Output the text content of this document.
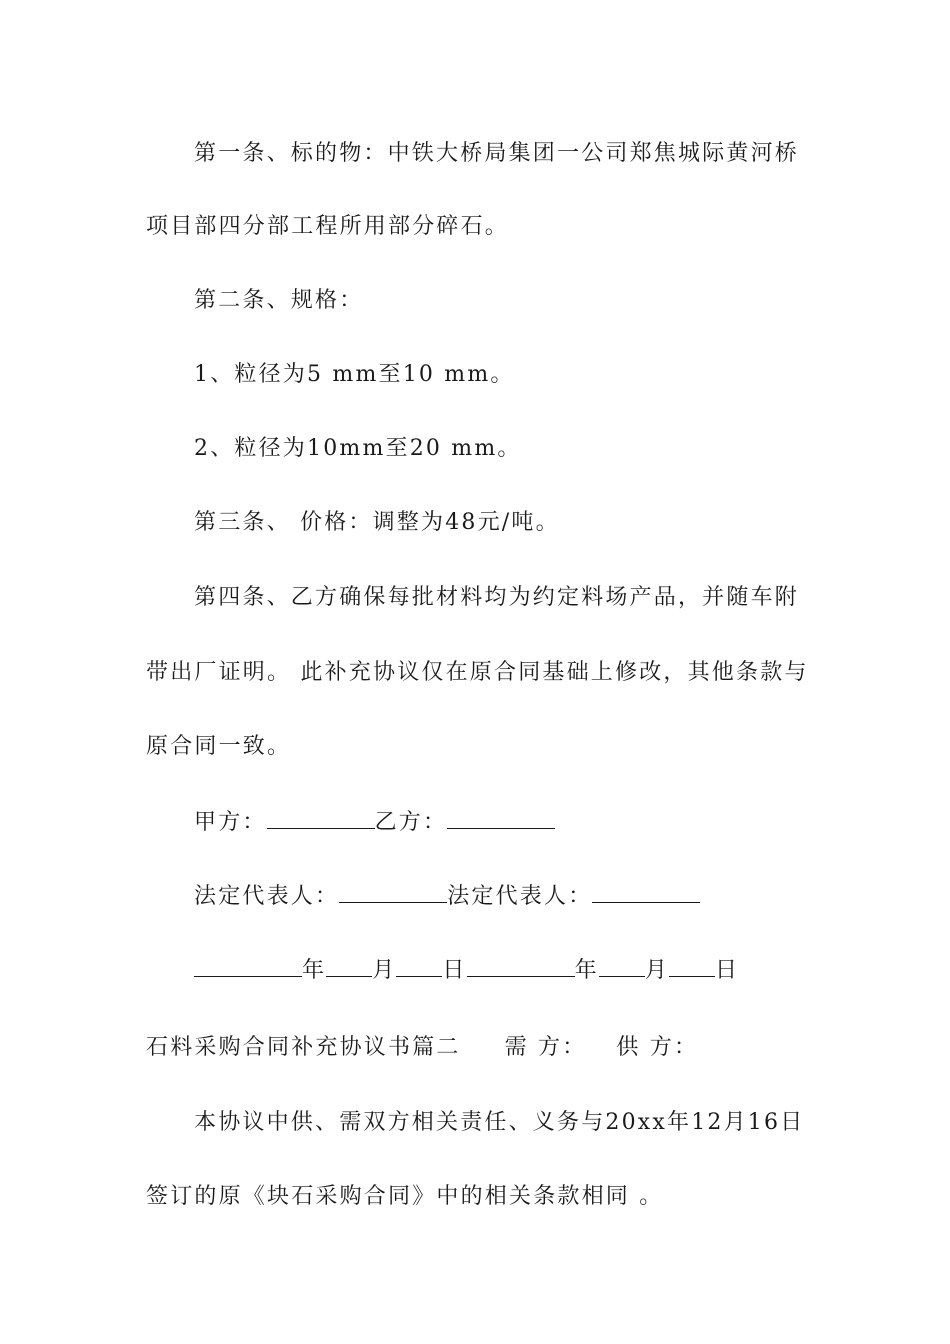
第一条、标的物：中铁大桥局集团一公司郑焦城际黄河桥
项目部四分部工程所用部分碎石。
第二条、规格：
1、粒径为5 mm至10 mm。
2、粒径为10mm至20 mm。
第三条、 价格：调整为48元/吨。
第四条、乙方确保每批材料均为约定料场产品，并随车附
带出厂证明。 此补充协议仅在原合同基础上修改，其他条款与
原合同一致。
甲方：	乙方：
法定代表人：	法定代表人：
年 月 日	年 月 日
石料采购合同补充协议书篇二 需 方： 供 方：
本协议中供、需双方相关责任、义务与20xx年12月16日
签订的原《块石采购合同》中的相关条款相同 。
